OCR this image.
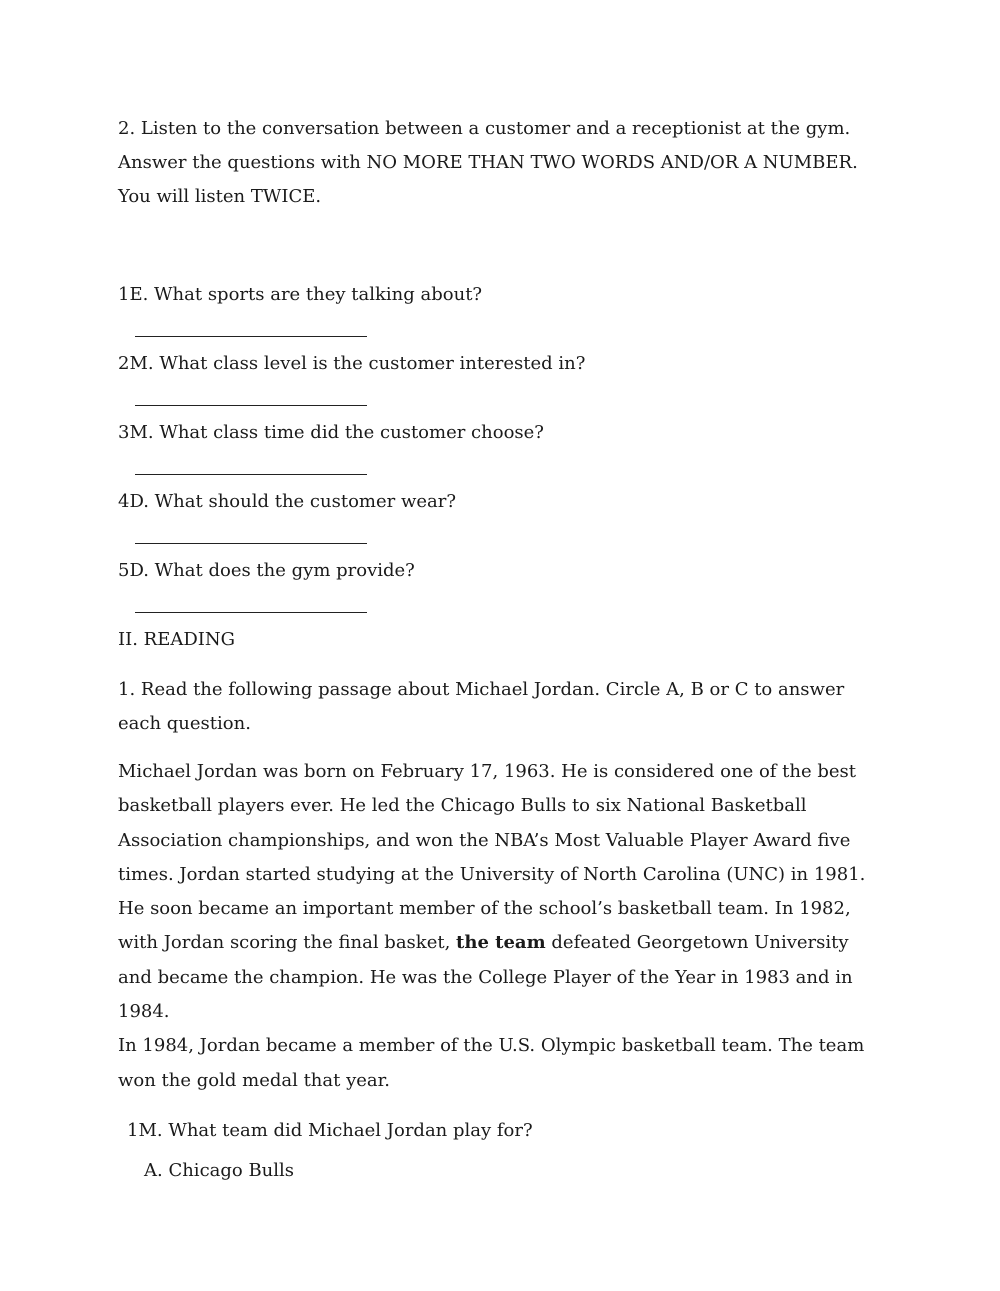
2. Listen to the conversation between a customer and a receptionist at the gym. Answer the questions with NO MORE THAN TWO WORDS AND/OR A NUMBER. You will listen TWICE.

1E. What sports are they talking about?

2M. What class level is the customer interested in?

3M. What class time did the customer choose?

4D. What should the customer wear?

5D. What does the gym provide?

II. READING

1. Read the following passage about Michael Jordan. Circle A, B or C to answer each question.

Michael Jordan was born on February 17, 1963. He is considered one of the best basketball players ever. He led the Chicago Bulls to six National Basketball

Association championships, and won the NBA’s Most Valuable Player Award five times. Jordan started studying at the University of North Carolina (UNC) in 1981. He soon became an important member of the school’s basketball team. In 1982, with Jordan scoring the final basket, the team defeated Georgetown University and became the champion. He was the College Player of the Year in 1983 and in 1984.

In 1984, Jordan became a member of the U.S. Olympic basketball team. The team won the gold medal that year.

1M. What team did Michael Jordan play for?

A. Chicago Bulls
